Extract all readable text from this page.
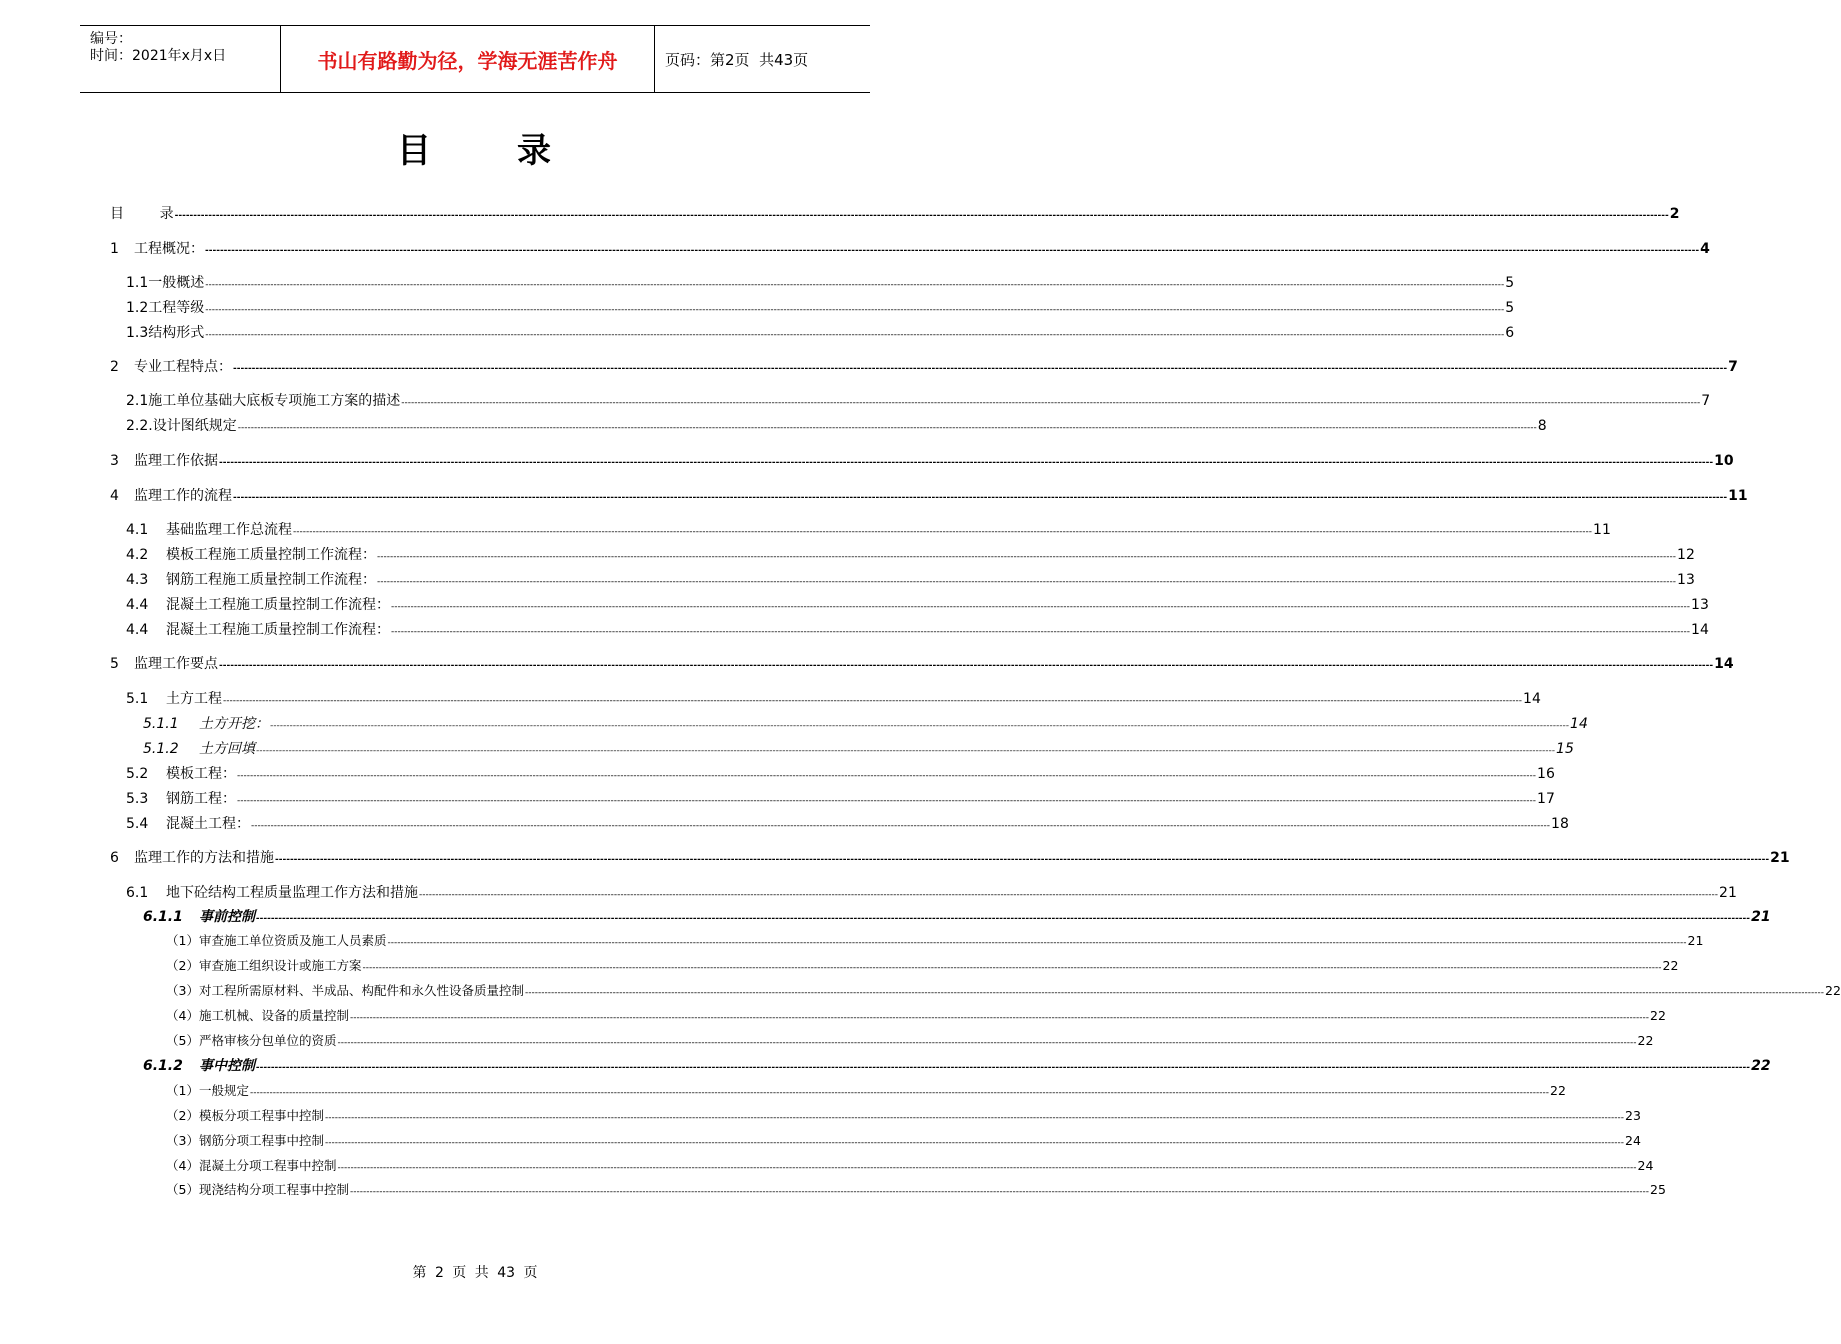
编号：
时间：2021年x月x日	书山有路勤为径，学海无涯苦作舟	页码：第2页  共43页
目 录
目        录 ---------------------------------------------------------------------------------------------------------------------------------------------------------------------------------------------------------------------------------------------------------------------------------------------------------------------------------------------------------------------------------------------------------------- 2
1 工程概况： ---------------------------------------------------------------------------------------------------------------------------------------------------------------------------------------------------------------------------------------------------------------------------------------------------------------------------------------------------------------------------------------------------------------- 4
1.1一般概述 ---------------------------------------------------------------------------------------------------------------------------------------------------------------------------------------------------------------------------------------------------------------------------------------------------------------------------------------------------------------------------------------------------------------- 5
1.2工程等级 ---------------------------------------------------------------------------------------------------------------------------------------------------------------------------------------------------------------------------------------------------------------------------------------------------------------------------------------------------------------------------------------------------------------- 5
1.3结构形式 ---------------------------------------------------------------------------------------------------------------------------------------------------------------------------------------------------------------------------------------------------------------------------------------------------------------------------------------------------------------------------------------------------------------- 6
2 专业工程特点： ---------------------------------------------------------------------------------------------------------------------------------------------------------------------------------------------------------------------------------------------------------------------------------------------------------------------------------------------------------------------------------------------------------------- 7
2.1施工单位基础大底板专项施工方案的描述 ---------------------------------------------------------------------------------------------------------------------------------------------------------------------------------------------------------------------------------------------------------------------------------------------------------------------------------------------------------------------------------------------------------------- 7
2.2.设计图纸规定 ---------------------------------------------------------------------------------------------------------------------------------------------------------------------------------------------------------------------------------------------------------------------------------------------------------------------------------------------------------------------------------------------------------------- 8
3 监理工作依据 ---------------------------------------------------------------------------------------------------------------------------------------------------------------------------------------------------------------------------------------------------------------------------------------------------------------------------------------------------------------------------------------------------------------- 10
4 监理工作的流程 ---------------------------------------------------------------------------------------------------------------------------------------------------------------------------------------------------------------------------------------------------------------------------------------------------------------------------------------------------------------------------------------------------------------- 11
4.1 基础监理工作总流程 ---------------------------------------------------------------------------------------------------------------------------------------------------------------------------------------------------------------------------------------------------------------------------------------------------------------------------------------------------------------------------------------------------------------- 11
4.2 模板工程施工质量控制工作流程： ---------------------------------------------------------------------------------------------------------------------------------------------------------------------------------------------------------------------------------------------------------------------------------------------------------------------------------------------------------------------------------------------------------------- 12
4.3 钢筋工程施工质量控制工作流程： ---------------------------------------------------------------------------------------------------------------------------------------------------------------------------------------------------------------------------------------------------------------------------------------------------------------------------------------------------------------------------------------------------------------- 13
4.4 混凝土工程施工质量控制工作流程： ---------------------------------------------------------------------------------------------------------------------------------------------------------------------------------------------------------------------------------------------------------------------------------------------------------------------------------------------------------------------------------------------------------------- 13
4.4 混凝土工程施工质量控制工作流程： ---------------------------------------------------------------------------------------------------------------------------------------------------------------------------------------------------------------------------------------------------------------------------------------------------------------------------------------------------------------------------------------------------------------- 14
5 监理工作要点 ---------------------------------------------------------------------------------------------------------------------------------------------------------------------------------------------------------------------------------------------------------------------------------------------------------------------------------------------------------------------------------------------------------------- 14
5.1 土方工程 ---------------------------------------------------------------------------------------------------------------------------------------------------------------------------------------------------------------------------------------------------------------------------------------------------------------------------------------------------------------------------------------------------------------- 14
5.1.1 土方开挖： ---------------------------------------------------------------------------------------------------------------------------------------------------------------------------------------------------------------------------------------------------------------------------------------------------------------------------------------------------------------------------------------------------------------- 14
5.1.2 土方回填 ---------------------------------------------------------------------------------------------------------------------------------------------------------------------------------------------------------------------------------------------------------------------------------------------------------------------------------------------------------------------------------------------------------------- 15
5.2 模板工程： ---------------------------------------------------------------------------------------------------------------------------------------------------------------------------------------------------------------------------------------------------------------------------------------------------------------------------------------------------------------------------------------------------------------- 16
5.3 钢筋工程： ---------------------------------------------------------------------------------------------------------------------------------------------------------------------------------------------------------------------------------------------------------------------------------------------------------------------------------------------------------------------------------------------------------------- 17
5.4 混凝土工程： ---------------------------------------------------------------------------------------------------------------------------------------------------------------------------------------------------------------------------------------------------------------------------------------------------------------------------------------------------------------------------------------------------------------- 18
6 监理工作的方法和措施 ---------------------------------------------------------------------------------------------------------------------------------------------------------------------------------------------------------------------------------------------------------------------------------------------------------------------------------------------------------------------------------------------------------------- 21
6.1 地下砼结构工程质量监理工作方法和措施 ---------------------------------------------------------------------------------------------------------------------------------------------------------------------------------------------------------------------------------------------------------------------------------------------------------------------------------------------------------------------------------------------------------------- 21
6.1.1 事前控制 ---------------------------------------------------------------------------------------------------------------------------------------------------------------------------------------------------------------------------------------------------------------------------------------------------------------------------------------------------------------------------------------------------------------- 21
（1）审查施工单位资质及施工人员素质 ---------------------------------------------------------------------------------------------------------------------------------------------------------------------------------------------------------------------------------------------------------------------------------------------------------------------------------------------------------------------------------------------------------------- 21
（2）审查施工组织设计或施工方案 ---------------------------------------------------------------------------------------------------------------------------------------------------------------------------------------------------------------------------------------------------------------------------------------------------------------------------------------------------------------------------------------------------------------- 22
（3）对工程所需原材料、半成品、构配件和永久性设备质量控制 ---------------------------------------------------------------------------------------------------------------------------------------------------------------------------------------------------------------------------------------------------------------------------------------------------------------------------------------------------------------------------------------------------------------- 22
（4）施工机械、设备的质量控制 ---------------------------------------------------------------------------------------------------------------------------------------------------------------------------------------------------------------------------------------------------------------------------------------------------------------------------------------------------------------------------------------------------------------- 22
（5）严格审核分包单位的资质 ---------------------------------------------------------------------------------------------------------------------------------------------------------------------------------------------------------------------------------------------------------------------------------------------------------------------------------------------------------------------------------------------------------------- 22
6.1.2 事中控制 ---------------------------------------------------------------------------------------------------------------------------------------------------------------------------------------------------------------------------------------------------------------------------------------------------------------------------------------------------------------------------------------------------------------- 22
（1）一般规定 ---------------------------------------------------------------------------------------------------------------------------------------------------------------------------------------------------------------------------------------------------------------------------------------------------------------------------------------------------------------------------------------------------------------- 22
（2）模板分项工程事中控制 ---------------------------------------------------------------------------------------------------------------------------------------------------------------------------------------------------------------------------------------------------------------------------------------------------------------------------------------------------------------------------------------------------------------- 23
（3）钢筋分项工程事中控制 ---------------------------------------------------------------------------------------------------------------------------------------------------------------------------------------------------------------------------------------------------------------------------------------------------------------------------------------------------------------------------------------------------------------- 24
（4）混凝土分项工程事中控制 ---------------------------------------------------------------------------------------------------------------------------------------------------------------------------------------------------------------------------------------------------------------------------------------------------------------------------------------------------------------------------------------------------------------- 24
（5）现浇结构分项工程事中控制 ---------------------------------------------------------------------------------------------------------------------------------------------------------------------------------------------------------------------------------------------------------------------------------------------------------------------------------------------------------------------------------------------------------------- 25
第 2 页 共 43 页
